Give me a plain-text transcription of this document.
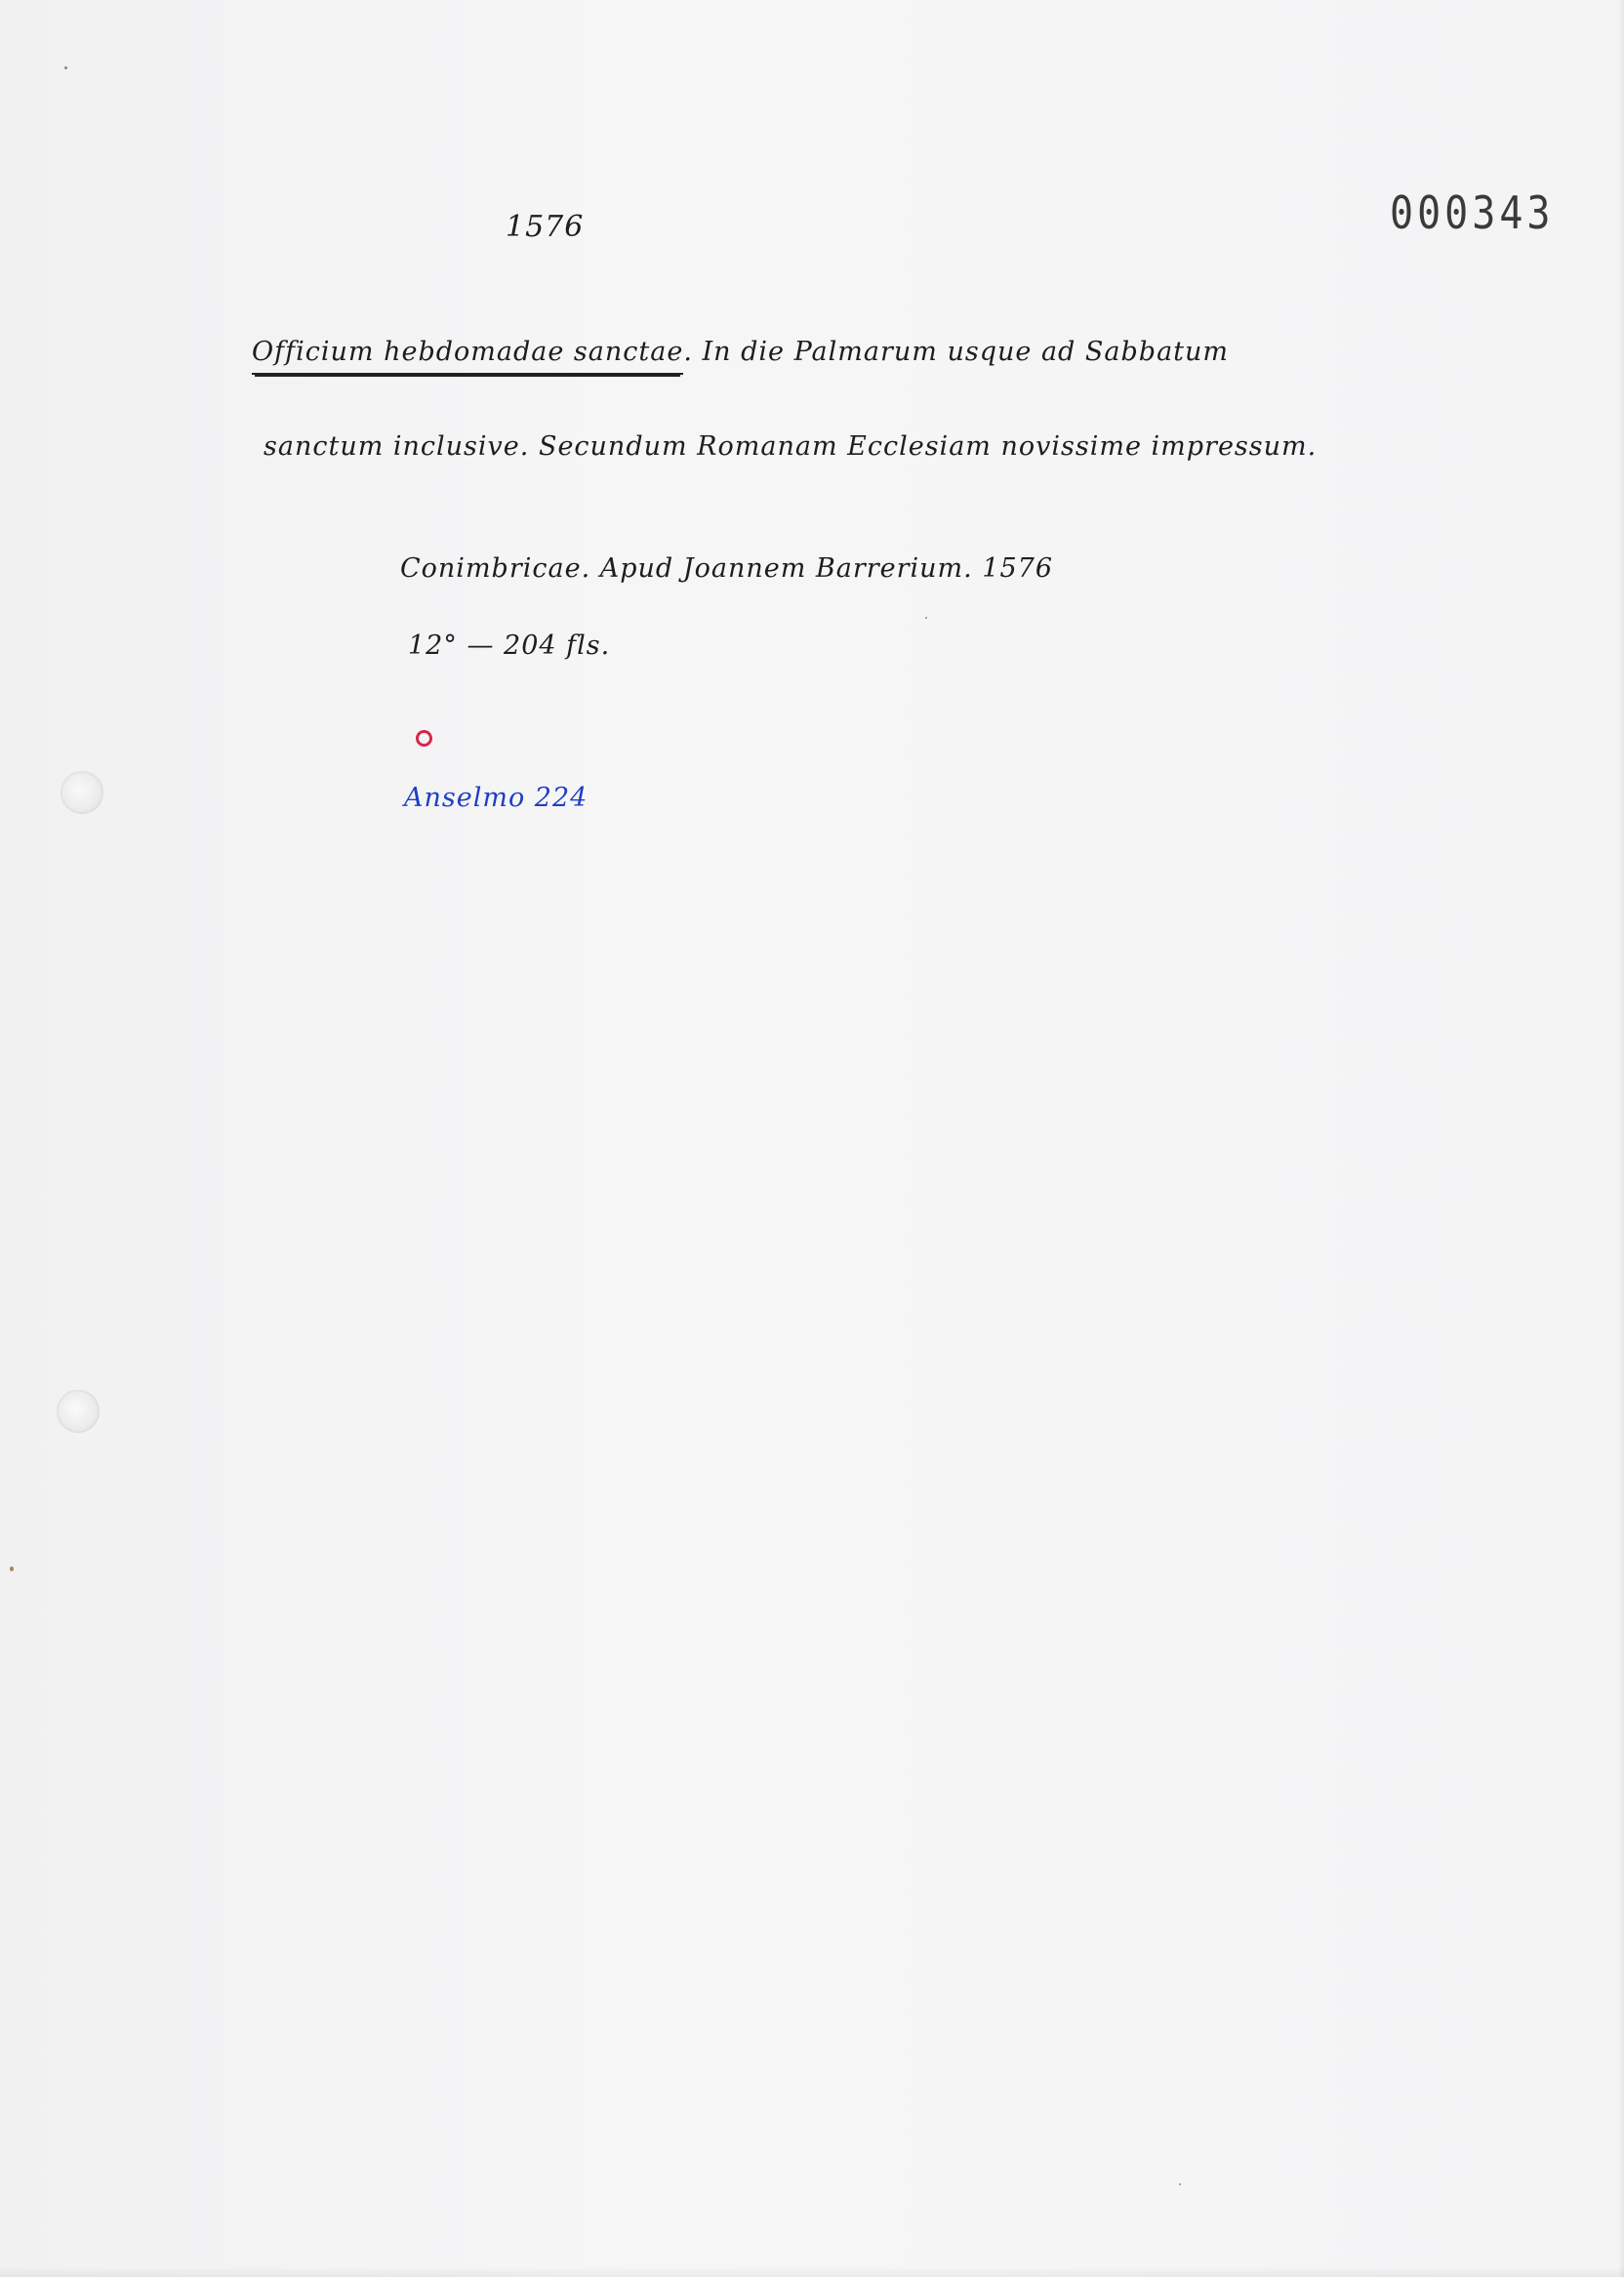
1576	000343
Officium hebdomadae sanctae. In die Palmarum usque ad Sabbatum
sanctum inclusive. Secundum Romanam Ecclesiam novissime impressum.
Conimbricae. Apud Joannem Barrerium. 1576
12° — 204 fls.
Anselmo 224
